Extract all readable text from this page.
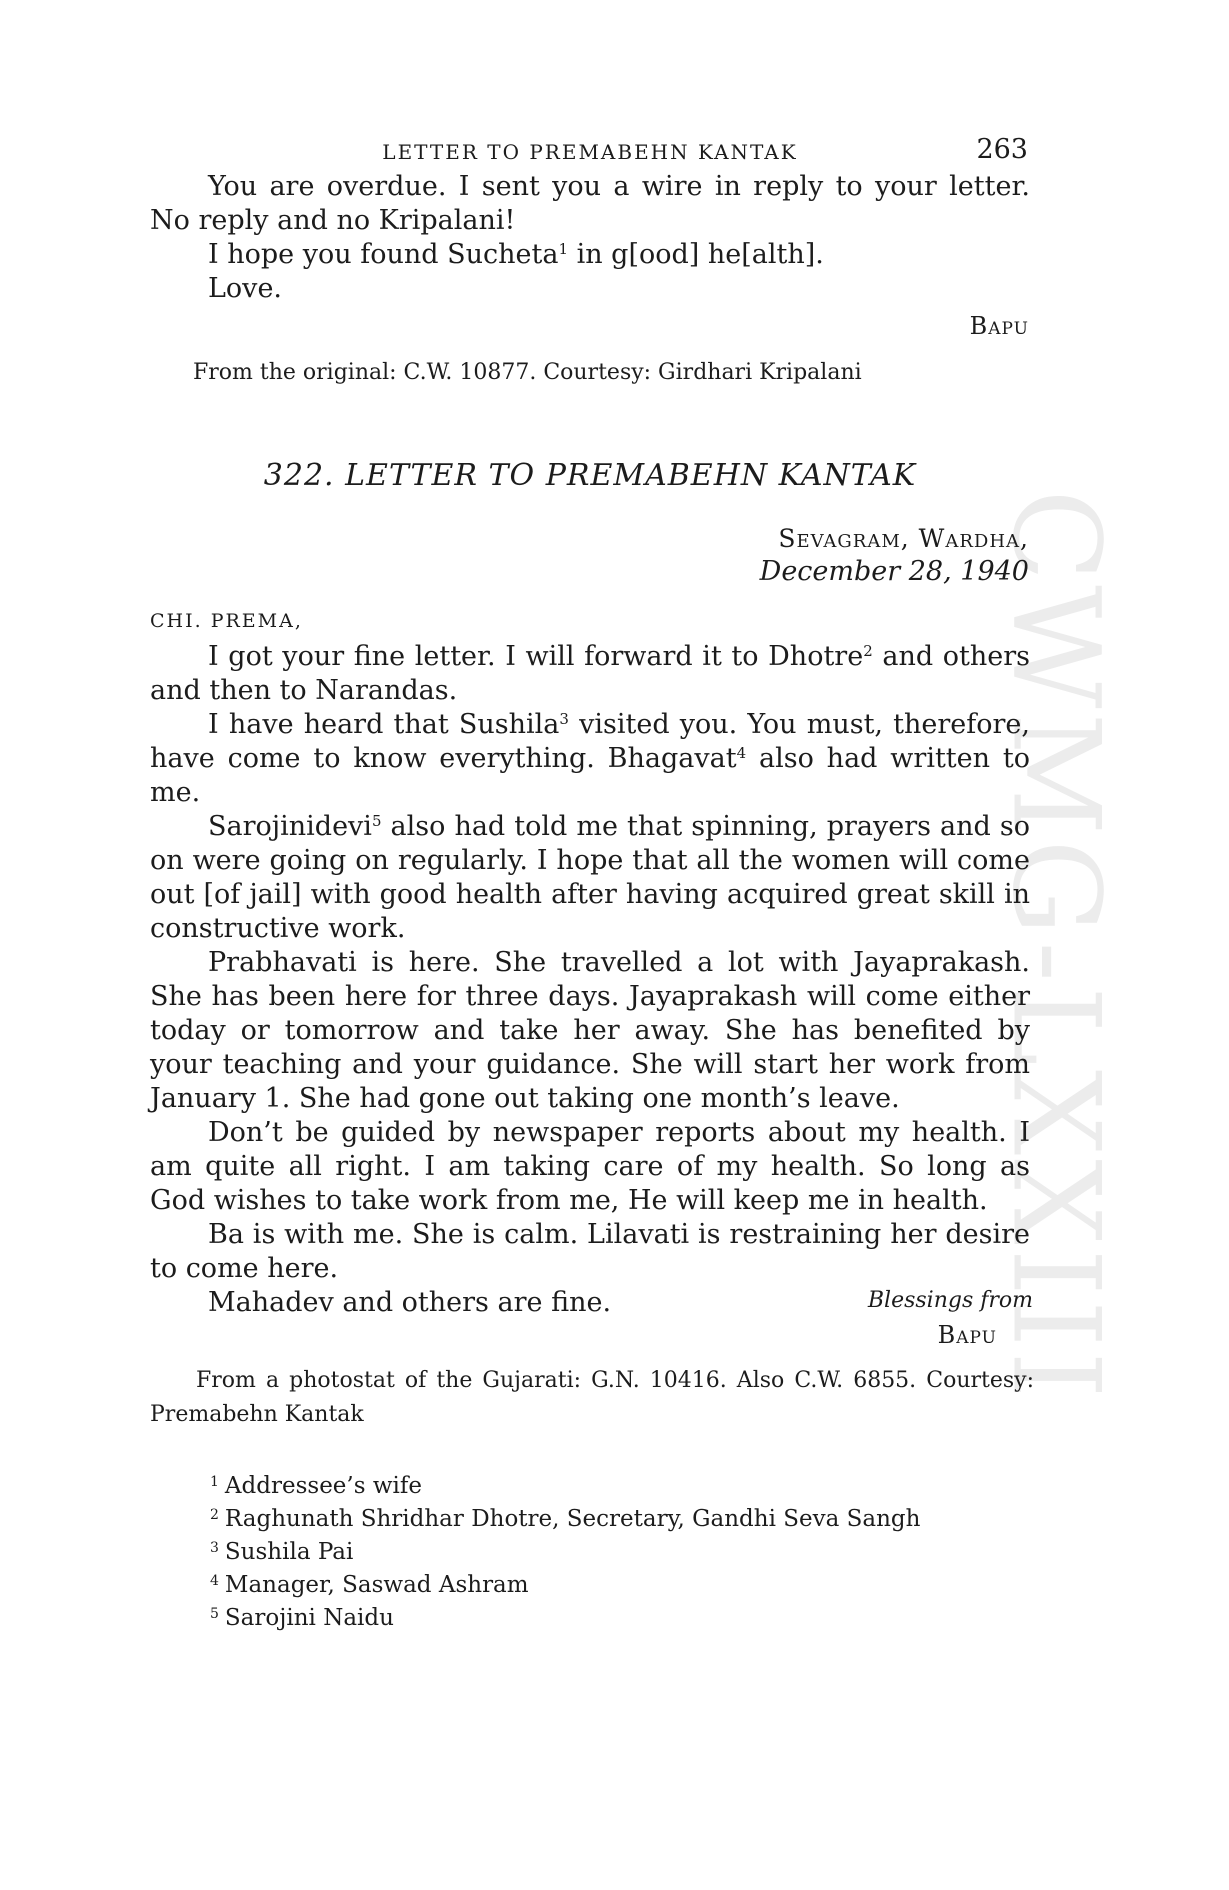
CWMG-LXXIII
LETTER TO PREMABEHN KANTAK	263

You are overdue. I sent you a wire in reply to your letter. No reply and no Kripalani!

I hope you found Sucheta$^1$ in g[ood] he[alth].

Love.

Bapu
From the original: C.W. 10877. Courtesy: Girdhari Kripalani
322. LETTER TO PREMABEHN KANTAK
Sevagram, Wardha,
December 28, 1940
CHI. PREMA,

I got your fine letter. I will forward it to Dhotre$^2$ and others and then to Narandas.

I have heard that Sushila$^3$ visited you. You must, therefore, have come to know everything. Bhagavat$^4$ also had written to me.

Sarojinidevi$^5$ also had told me that spinning, prayers and so on were going on regularly. I hope that all the women will come out [of jail] with good health after having acquired great skill in constructive work.

Prabhavati is here. She travelled a lot with Jayaprakash. She has been here for three days. Jayaprakash will come either today or tomorrow and take her away. She has benefited by your teaching and your guidance. She will start her work from January 1. She had gone out taking one month’s leave.

Don’t be guided by newspaper reports about my health. I am quite all right. I am taking care of my health. So long as God wishes to take work from me, He will keep me in health.

Ba is with me. She is calm. Lilavati is restraining her desire to come here.

Mahadev and others are fine.	Blessings from
Bapu
From a photostat of the Gujarati: G.N. 10416. Also C.W. 6855. Courtesy: Premabehn Kantak
$^1$ Addressee’s wife
$^2$ Raghunath Shridhar Dhotre, Secretary, Gandhi Seva Sangh
$^3$ Sushila Pai
$^4$ Manager, Saswad Ashram
$^5$ Sarojini Naidu
